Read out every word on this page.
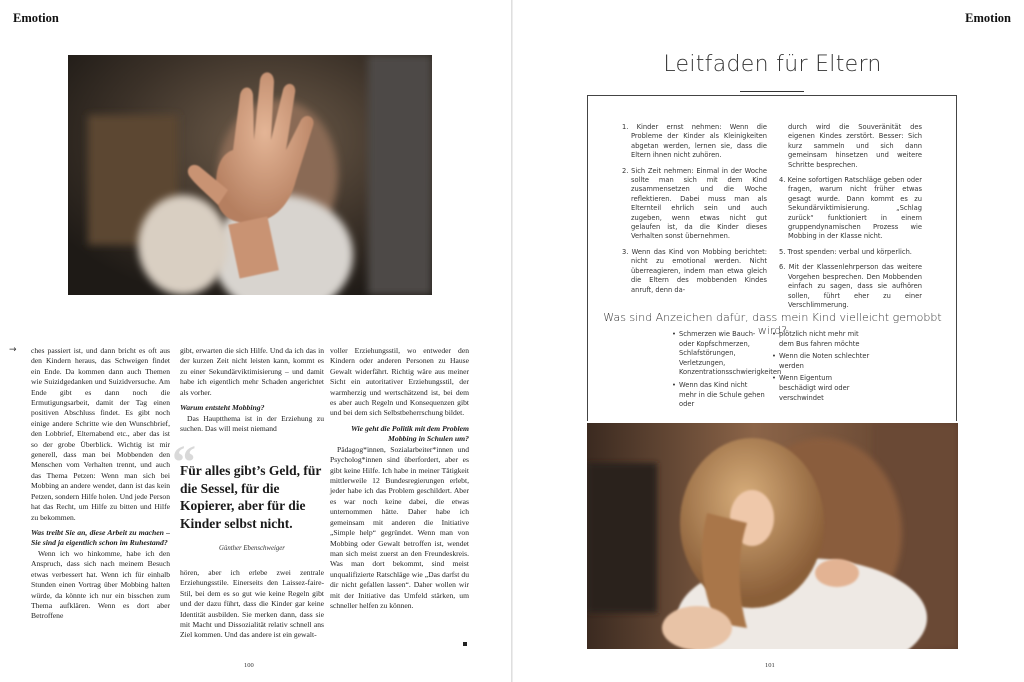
Emotion	Emotion
→ ches passiert ist, und dann bricht es oft aus den Kindern heraus, das Schweigen findet ein Ende. Da kommen dann auch Themen wie Suizidgedanken und Suizidversuche. Am Ende gibt es dann noch die Ermutigungsarbeit, damit der Tag einen positiven Abschluss findet. Es gibt noch einige andere Schritte wie den Wunschbrief, den Lobbrief, Elternabend etc., aber das ist so der grobe Überblick. Wichtig ist mir generell, dass man bei Mobbenden den Menschen vom Verhalten trennt, und auch das Thema Petzen: Wenn man sich bei Mobbing an andere wendet, dann ist das kein Petzen, sondern Hilfe holen. Und jede Person hat das Recht, um Hilfe zu bitten und Hilfe zu bekommen.

Was treibt Sie an, diese Arbeit zu machen – Sie sind ja eigentlich schon im Ruhestand?

Wenn ich wo hinkomme, habe ich den Anspruch, dass sich nach meinem Besuch etwas verbessert hat. Wenn ich für einhalb Stunden einen Vortrag über Mobbing halten würde, da könnte ich nur ein bisschen zum Thema aufklären. Wenn es dort aber Betroffene

gibt, erwarten die sich Hilfe. Und da ich das in der kurzen Zeit nicht leisten kann, kommt es zu einer Sekundärviktimisierung – und damit habe ich eigentlich mehr Schaden angerichtet als vorher.

Warum entsteht Mobbing?

Das Hauptthema ist in der Erziehung zu suchen. Das will meist niemand

“
Für alles gibt’s Geld, für die Sessel, für die Kopierer, aber für die Kinder selbst nicht.
Günther Ebenschweiger

hören, aber ich erlebe zwei zentrale Erziehungsstile. Einerseits den Laissez-faire-Stil, bei dem es so gut wie keine Regeln gibt und der dazu führt, dass die Kinder gar keine Identität ausbilden. Sie merken dann, dass sie mit Macht und Dissozialität relativ schnell ans Ziel kommen. Und das andere ist ein gewalt-

voller Erziehungsstil, wo entweder den Kindern oder anderen Personen zu Hause Gewalt widerfährt. Richtig wäre aus meiner Sicht ein autoritativer Erziehungsstil, der warmherzig und wertschätzend ist, bei dem es aber auch Regeln und Konsequenzen gibt und bei dem sich Selbstbeherrschung bildet.

Wie geht die Politik mit dem Problem Mobbing in Schulen um?

Pädagog*innen, Sozialarbeiter*innen und Psycholog*innen sind überfordert, aber es gibt keine Hilfe. Ich habe in meiner Tätigkeit mittlerweile 12 Bundesregierungen erlebt, jeder habe ich das Problem geschildert. Aber es war noch keine dabei, die etwas unternommen hätte. Daher habe ich gemeinsam mit anderen die Initiative „Simple help“ gegründet. Wenn man von Mobbing oder Gewalt betroffen ist, wendet man sich meist zuerst an den Freundeskreis. Was man dort bekommt, sind meist unqualifizierte Ratschläge wie „Das darfst du dir nicht gefallen lassen“. Daher wollen wir mit der Initiative das Umfeld stärken, um schneller helfen zu können.

100
Leitfaden für Eltern
1. Kinder ernst nehmen: Wenn die Probleme der Kinder als Kleinigkeiten abgetan werden, lernen sie, dass die Eltern ihnen nicht zuhören.
2. Sich Zeit nehmen: Einmal in der Woche sollte man sich mit dem Kind zusammensetzen und die Woche reflektieren. Dabei muss man als Elternteil ehrlich sein und auch zugeben, wenn etwas nicht gut gelaufen ist, da die Kinder dieses Verhalten sonst übernehmen.
3. Wenn das Kind von Mobbing berichtet: nicht zu emotional werden. Nicht überreagieren, indem man etwa gleich die Eltern des mobbenden Kindes anruft, denn da-
durch wird die Souveränität des eigenen Kindes zerstört. Besser: Sich kurz sammeln und sich dann gemeinsam hinsetzen und weitere Schritte besprechen.
4. Keine sofortigen Ratschläge geben oder fragen, warum nicht früher etwas gesagt wurde. Dann kommt es zu Sekundärviktimisierung. „Schlag zurück“ funktioniert in einem gruppendynamischen Prozess wie Mobbing in der Klasse nicht.
5. Trost spenden: verbal und körperlich.
6. Mit der Klassenlehrperson das weitere Vorgehen besprechen. Den Mobbenden einfach zu sagen, dass sie aufhören sollen, führt eher zu einer Verschlimmerung.
Was sind Anzeichen dafür, dass mein Kind vielleicht gemobbt wird?
• Schmerzen wie Bauch- oder Kopfschmerzen, Schlafstörungen, Verletzungen, Konzentrationsschwierigkeiten
• Wenn das Kind nicht mehr in die Schule gehen oder
• plötzlich nicht mehr mit dem Bus fahren möchte
• Wenn die Noten schlechter werden
• Wenn Eigentum beschädigt wird oder verschwindet
101
